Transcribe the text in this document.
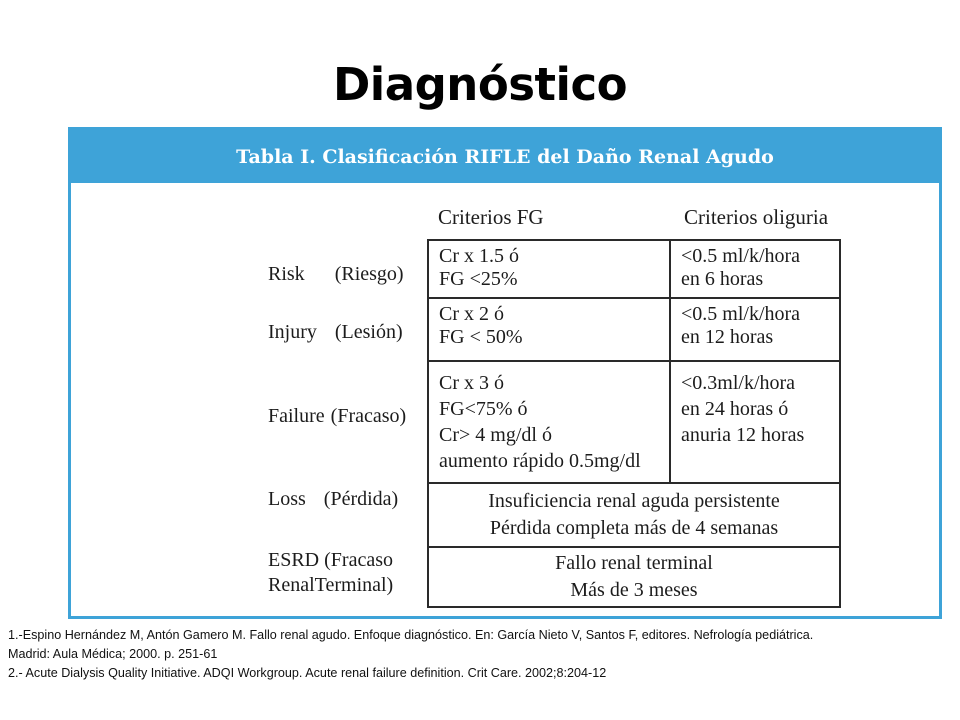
Diagnóstico
Tabla I. Clasificación RIFLE del Daño Renal Agudo
Criterios FG	Criterios oliguria
Risk (Riesgo)
Injury (Lesión)
Failure (Fracaso)
Loss (Pérdida)
ESRD (Fracaso
RenalTerminal)
Cr x 1.5 ó
FG <25%
<0.5 ml/k/hora
en 6 horas
Cr x 2 ó
FG < 50%
<0.5 ml/k/hora
en 12 horas
Cr x 3 ó
FG<75% ó
Cr> 4 mg/dl ó
aumento rápido 0.5mg/dl
<0.3ml/k/hora
en 24 horas ó
anuria 12 horas
Insuficiencia renal aguda persistente
Pérdida completa más de 4 semanas
Fallo renal terminal
Más de 3 meses
1.-Espino Hernández M, Antón Gamero M. Fallo renal agudo. Enfoque diagnóstico. En: García Nieto V, Santos F, editores. Nefrología pediátrica.
Madrid: Aula Médica; 2000. p. 251-61
2.- Acute Dialysis Quality Initiative. ADQI Workgroup. Acute renal failure definition. Crit Care. 2002;8:204-12
